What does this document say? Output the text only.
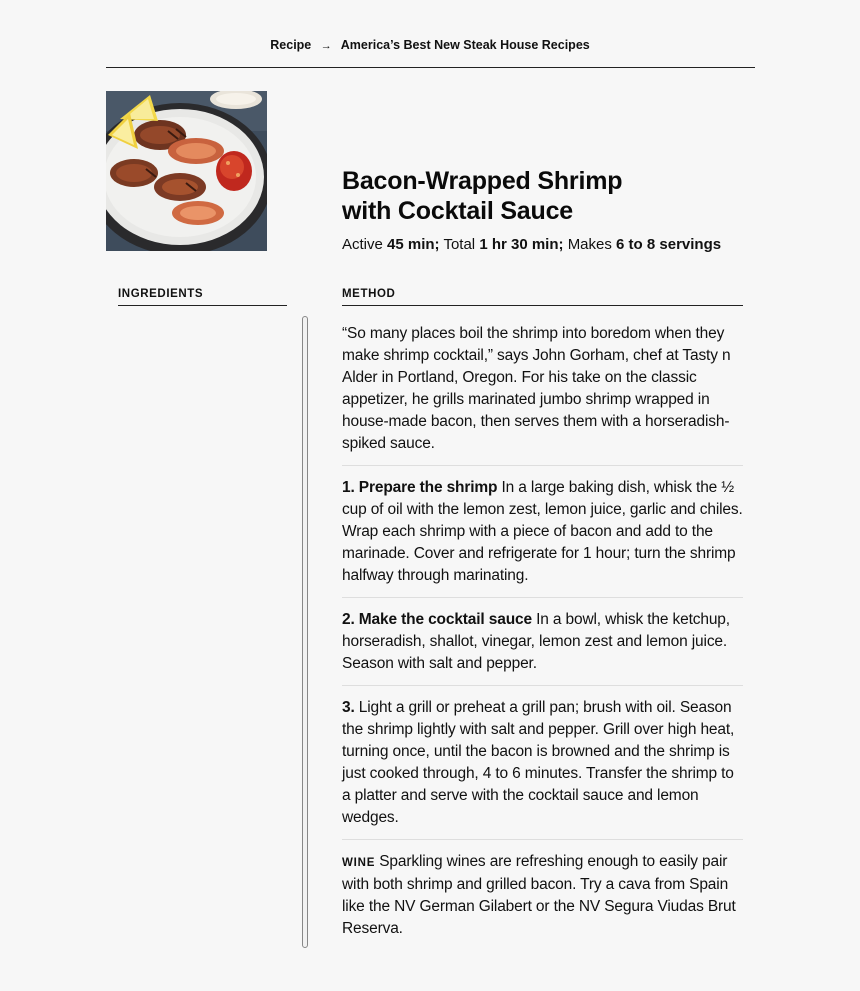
Recipe → America’s Best New Steak House Recipes
Bacon-Wrapped Shrimp
with Cocktail Sauce
Active 45 min; Total 1 hr 30 min; Makes 6 to 8 servings
INGREDIENTS	METHOD

“So many places boil the shrimp into boredom when they make shrimp cocktail,” says John Gorham, chef at Tasty n Alder in Portland, Oregon. For his take on the classic appetizer, he grills marinated jumbo shrimp wrapped in house-made bacon, then serves them with a horseradish-spiked sauce.

1. Prepare the shrimp In a large baking dish, whisk the ½ cup of oil with the lemon zest, lemon juice, garlic and chiles. Wrap each shrimp with a piece of bacon and add to the marinade. Cover and refrigerate for 1 hour; turn the shrimp halfway through marinating.

2. Make the cocktail sauce In a bowl, whisk the ketchup, horseradish, shallot, vinegar, lemon zest and lemon juice. Season with salt and pepper.

3. Light a grill or preheat a grill pan; brush with oil. Season the shrimp lightly with salt and pepper. Grill over high heat, turning once, until the bacon is browned and the shrimp is just cooked through, 4 to 6 minutes. Transfer the shrimp to a platter and serve with the cocktail sauce and lemon wedges.

WINE Sparkling wines are refreshing enough to easily pair with both shrimp and grilled bacon. Try a cava from Spain like the NV German Gilabert or the NV Segura Viudas Brut Reserva.
